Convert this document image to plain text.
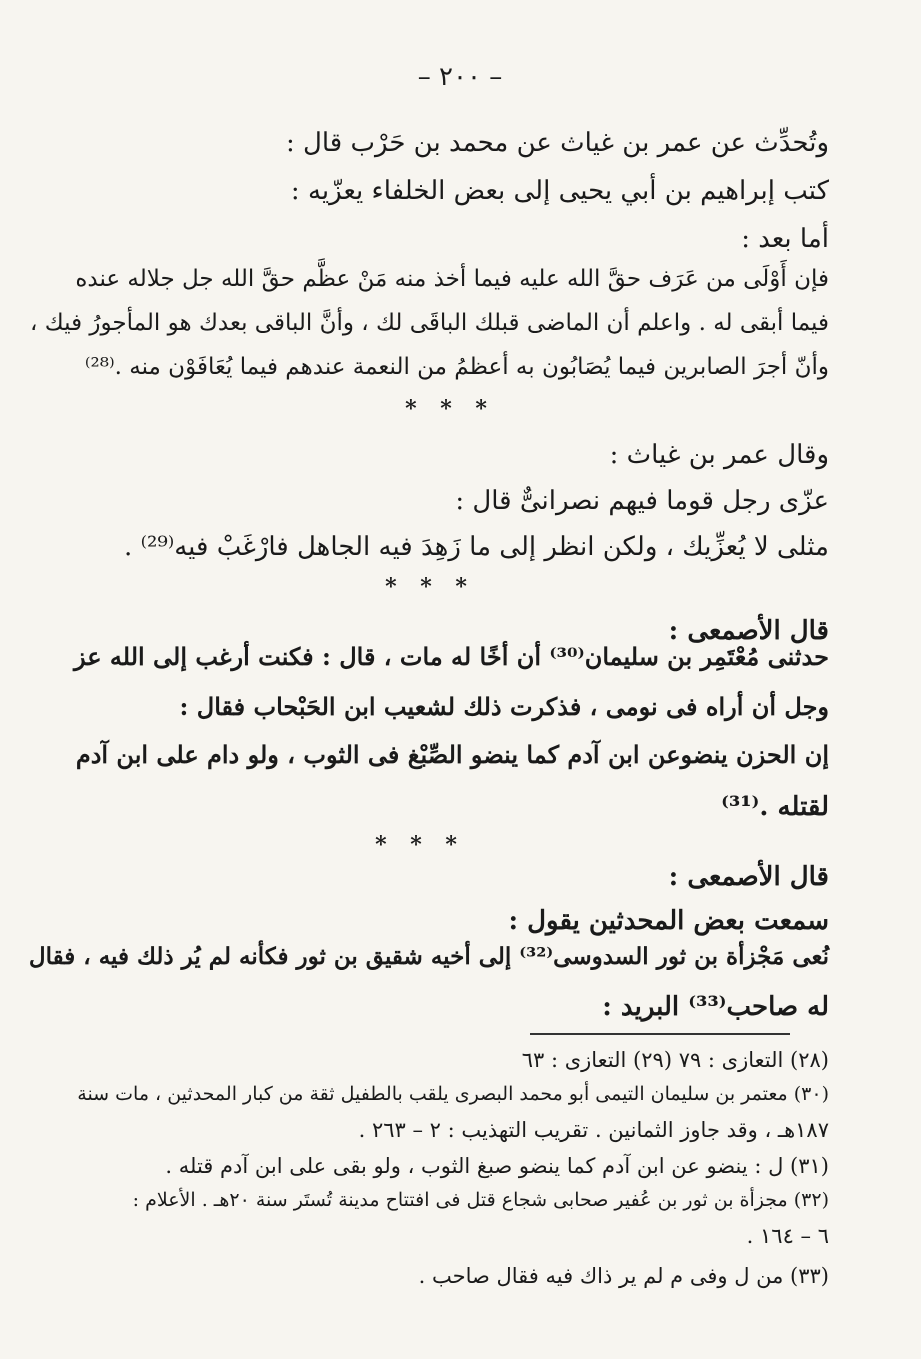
– ٢٠٠ –
وتُحدِّث عن عمر بن غياث عن محمد بن حَرْب قال :
كتب إبراهيم بن أبي يحيى إلى بعض الخلفاء يعزّيه :
أما بعد :
فإن أَوْلَى من عَرَف حقَّ الله عليه فيما أخذ منه مَنْ عظَّم حقَّ الله جل جلاله عنده
فيما أبقى له . واعلم أن الماضى قبلك الباقَى لك ، وأنَّ الباقى بعدك هو المأجورُ فيك ،
وأنّ أجرَ الصابرين فيما يُصَابُون به أعظمُ من النعمة عندهم فيما يُعَافَوْن منه .⁽²⁸⁾
* * *
وقال عمر بن غياث :
عزّى رجل قوما فيهم نصرانىٌّ قال :
مثلى لا يُعزِّيك ، ولكن انظر إلى ما زَهِدَ فيه الجاهل فارْغَبْ فيه⁽²⁹⁾ .
* * *
قال الأصمعى :
حدثنى مُعْتَمِر بن سليمان⁽³⁰⁾ أن أخًا له مات ، قال : فكنت أرغب إلى الله عز
وجل أن أراه فى نومى ، فذكرت ذلك لشعيب ابن الحَبْحاب فقال :
إن الحزن ينضوعن ابن آدم كما ينضو الصِّبْغ فى الثوب ، ولو دام على ابن آدم
لقتله .⁽³¹⁾
* * *
قال الأصمعى :
سمعت بعض المحدثين يقول :
نُعى مَجْزأة بن ثور السدوسى⁽³²⁾ إلى أخيه شقيق بن ثور فكأنه لم يُر ذلك فيه ، فقال
له صاحب⁽³³⁾ البريد :
(٢٨) التعازى : ٧٩ (٢٩) التعازى : ٦٣
(٣٠) معتمر بن سليمان التيمى أبو محمد البصرى يلقب بالطفيل ثقة من كبار المحدثين ، مات سنة
١٨٧هـ ، وقد جاوز الثمانين . تقريب التهذيب : ٢ – ٢٦٣ .
(٣١) ل : ينضو عن ابن آدم كما ينضو صبغ الثوب ، ولو بقى على ابن آدم قتله .
(٣٢) مجزأة بن ثور بن عُفير صحابى شجاع قتل فى افتتاح مدينة تُستَر سنة ٢٠هـ . الأعلام :
٦ – ١٦٤ .
(٣٣) من ل وفى م لم ير ذاك فيه فقال صاحب .
